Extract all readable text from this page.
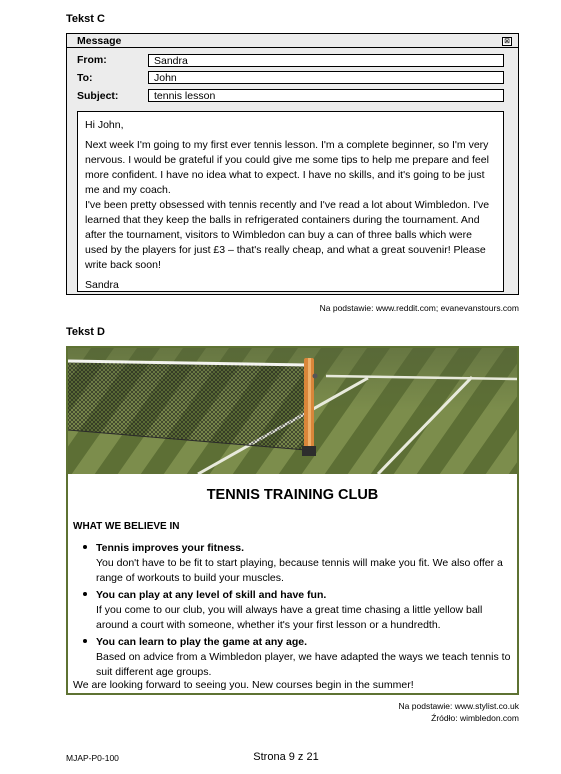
Tekst C
Message	⊠
From:	Sandra
To:	John
Subject:	tennis lesson

Hi John,

Next week I'm going to my first ever tennis lesson. I'm a complete beginner, so I'm very nervous. I would be grateful if you could give me some tips to help me prepare and feel more confident. I have no idea what to expect. I have no skills, and it's going to be just me and my coach.

I've been pretty obsessed with tennis recently and I've read a lot about Wimbledon. I've learned that they keep the balls in refrigerated containers during the tournament. And after the tournament, visitors to Wimbledon can buy a can of three balls which were used by the players for just £3 – that's really cheap, and what a great souvenir! Please write back soon!

Sandra

Na podstawie: www.reddit.com; evanevanstours.com
Tekst D
TENNIS TRAINING CLUB
WHAT WE BELIEVE IN
Tennis improves your fitness.
You don't have to be fit to start playing, because tennis will make you fit. We also offer a range of workouts to build your muscles.
You can play at any level of skill and have fun.
If you come to our club, you will always have a great time chasing a little yellow ball around a court with someone, whether it's your first lesson or a hundredth.
You can learn to play the game at any age.
Based on advice from a Wimbledon player, we have adapted the ways we teach tennis to suit different age groups.
We are looking forward to seeing you. New courses begin in the summer!
Na podstawie: www.stylist.co.uk
Źródło: wimbledon.com
MJAP-P0-100	Strona 9 z 21
